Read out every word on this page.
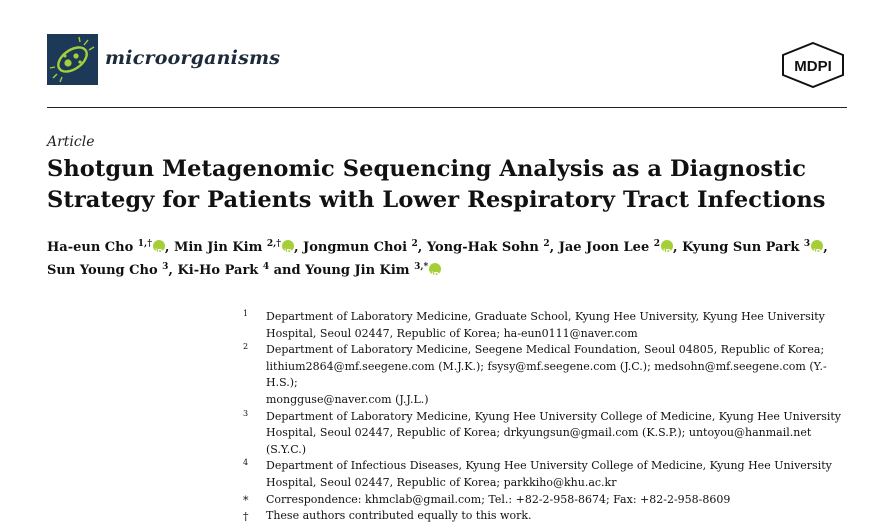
microorganisms	MDPI
Article
Shotgun Metagenomic Sequencing Analysis as a Diagnostic
Strategy for Patients with Lower Respiratory Tract Infections
Ha-eun Cho $^{1,\dagger}$ iD , Min Jin Kim $^{2,\dagger}$ iD , Jongmun Choi $^2$, Yong-Hak Sohn $^2$, Jae Joon Lee $^2$ iD , Kyung Sun Park $^3$ iD ,
Sun Young Cho $^3$, Ki-Ho Park $^4$ and Young Jin Kim $^{3,*}$iD
1 Department of Laboratory Medicine, Graduate School, Kyung Hee University, Kyung Hee University
Hospital, Seoul 02447, Republic of Korea; ha-eun0111@naver.com
2 Department of Laboratory Medicine, Seegene Medical Foundation, Seoul 04805, Republic of Korea;
lithium2864@mf.seegene.com (M.J.K.); fsysy@mf.seegene.com (J.C.); medsohn@mf.seegene.com (Y.-H.S.);
mongguse@naver.com (J.J.L.)
3 Department of Laboratory Medicine, Kyung Hee University College of Medicine, Kyung Hee University
Hospital, Seoul 02447, Republic of Korea; drkyungsun@gmail.com (K.S.P.); untoyou@hanmail.net (S.Y.C.)
4 Department of Infectious Diseases, Kyung Hee University College of Medicine, Kyung Hee University
Hospital, Seoul 02447, Republic of Korea; parkkiho@khu.ac.kr
* Correspondence: khmclab@gmail.com; Tel.: +82-2-958-8674; Fax: +82-2-958-8609
† These authors contributed equally to this work.
